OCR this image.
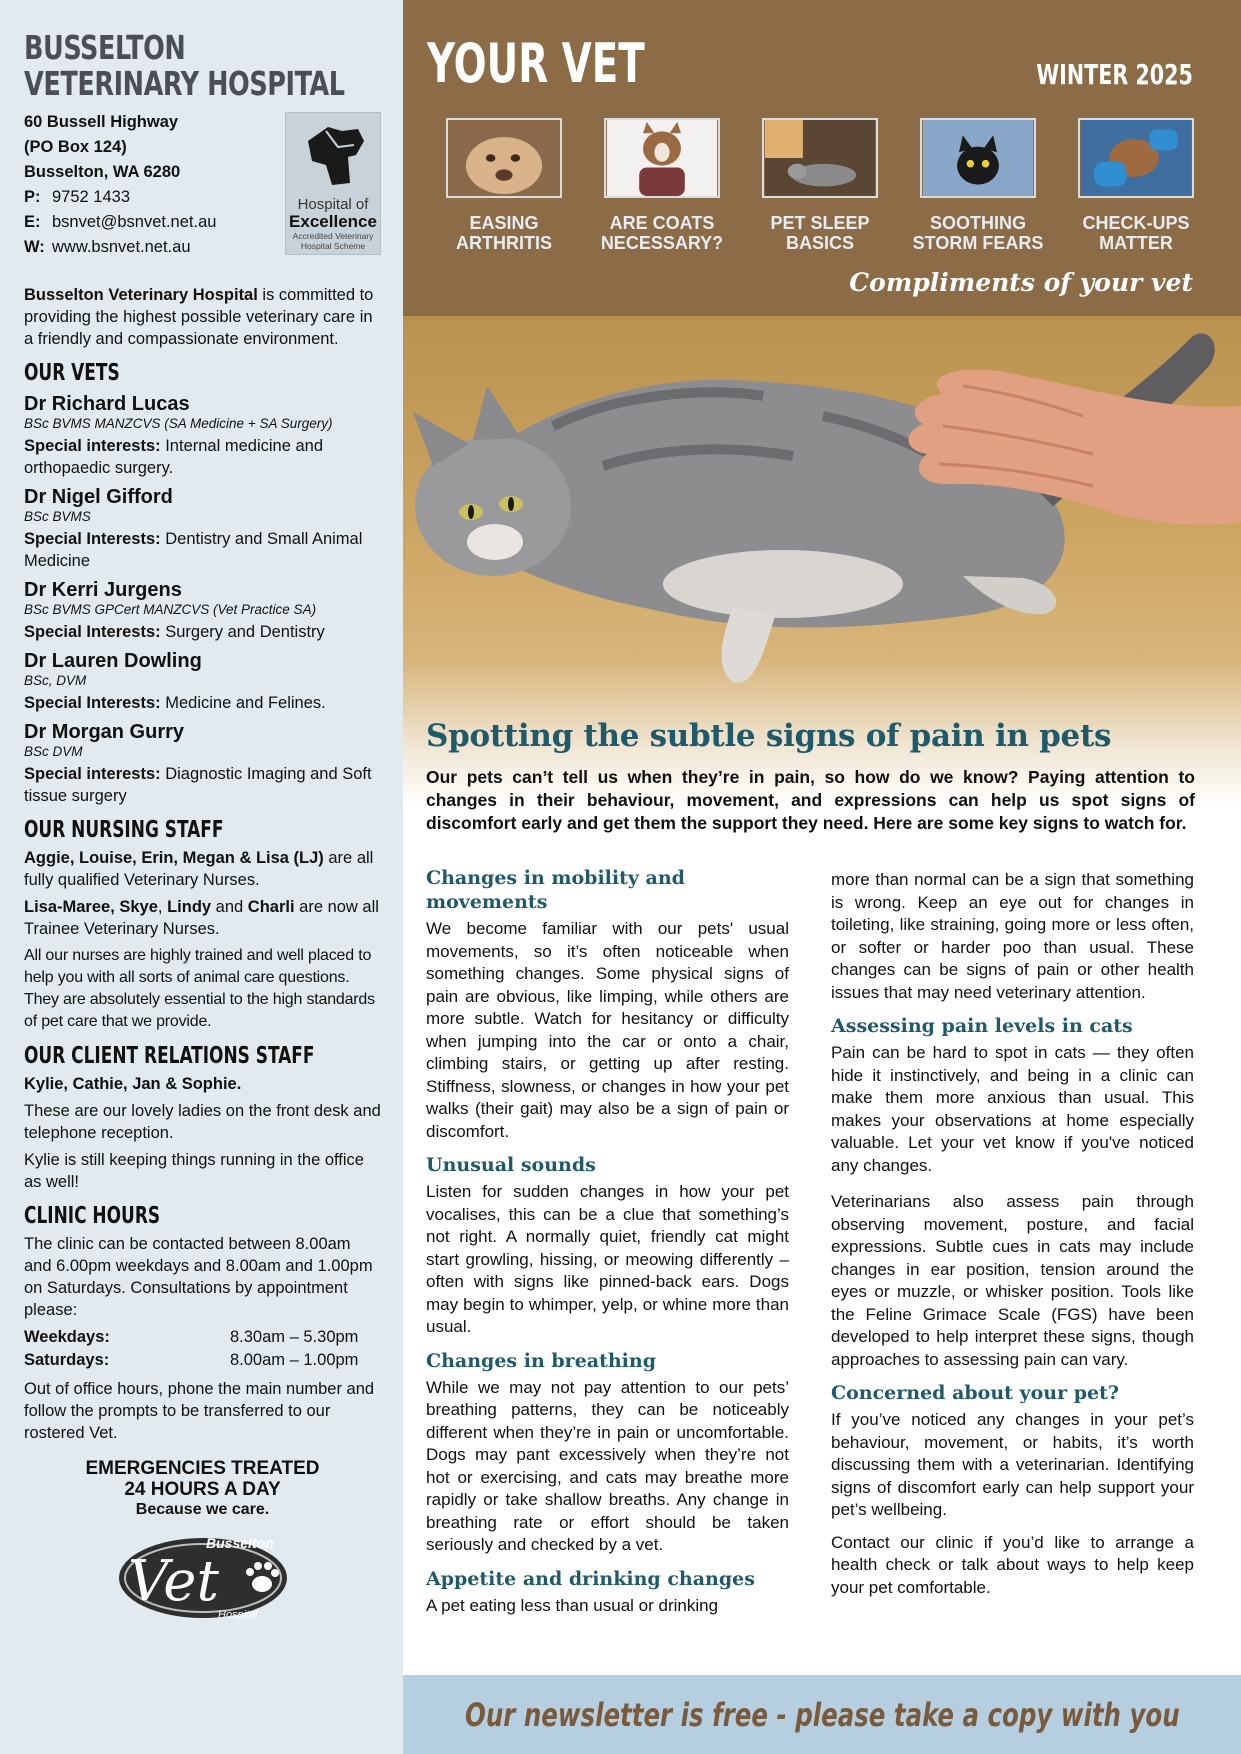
BUSSELTON
VETERINARY HOSPITAL
60 Bussell Highway
(PO Box 124)
Busselton, WA 6280
P: 9752 1433
E: bsnvet@bsnvet.net.au
W: www.bsnvet.net.au
Hospital of
Excellence
Accredited Veterinary Hospital Scheme
Busselton Veterinary Hospital is committed to providing the highest possible veterinary care in a friendly and compassionate environment.
OUR VETS
Dr Richard Lucas
BSc BVMS MANZCVS (SA Medicine + SA Surgery)
Special interests: Internal medicine and orthopaedic surgery.
Dr Nigel Gifford
BSc BVMS
Special Interests: Dentistry and Small Animal Medicine
Dr Kerri Jurgens
BSc BVMS GPCert MANZCVS (Vet Practice SA)
Special Interests: Surgery and Dentistry
Dr Lauren Dowling
BSc, DVM
Special Interests: Medicine and Felines.
Dr Morgan Gurry
BSc DVM
Special interests: Diagnostic Imaging and Soft tissue surgery
OUR NURSING STAFF
Aggie, Louise, Erin, Megan & Lisa (LJ) are all fully qualified Veterinary Nurses.
Lisa-Maree, Skye, Lindy and Charli are now all Trainee Veterinary Nurses.
All our nurses are highly trained and well placed to help you with all sorts of animal care questions. They are absolutely essential to the high standards of pet care that we provide.
OUR CLIENT RELATIONS STAFF
Kylie, Cathie, Jan & Sophie.
These are our lovely ladies on the front desk and telephone reception.
Kylie is still keeping things running in the office as well!
CLINIC HOURS
The clinic can be contacted between 8.00am and 6.00pm weekdays and 8.00am and 1.00pm on Saturdays. Consultations by appointment please:
Weekdays:	8.30am – 5.30pm
Saturdays:	8.00am – 1.00pm
Out of office hours, phone the main number and follow the prompts to be transferred to our rostered Vet.
EMERGENCIES TREATED
24 HOURS A DAY
Because we care.
Busselton
Vet
Hospital
YOUR VET	WINTER 2025
EASING
ARTHRITIS
ARE COATS
NECESSARY?
PET SLEEP
BASICS
SOOTHING
STORM FEARS
CHECK-UPS
MATTER
Compliments of your vet
Spotting the subtle signs of pain in pets

Our pets can’t tell us when they’re in pain, so how do we know? Paying attention to changes in their behaviour, movement, and expressions can help us spot signs of discomfort early and get them the support they need. Here are some key signs to watch for.

Changes in mobility and movements

We become familiar with our pets' usual movements, so it’s often noticeable when something changes. Some physical signs of pain are obvious, like limping, while others are more subtle. Watch for hesitancy or difficulty when jumping into the car or onto a chair, climbing stairs, or getting up after resting. Stiffness, slowness, or changes in how your pet walks (their gait) may also be a sign of pain or discomfort.

Unusual sounds

Listen for sudden changes in how your pet vocalises, this can be a clue that something’s not right. A normally quiet, friendly cat might start growling, hissing, or meowing differently – often with signs like pinned-back ears. Dogs may begin to whimper, yelp, or whine more than usual.

Changes in breathing

While we may not pay attention to our pets’ breathing patterns, they can be noticeably different when they’re in pain or uncomfortable. Dogs may pant excessively when they’re not hot or exercising, and cats may breathe more rapidly or take shallow breaths. Any change in breathing rate or effort should be taken seriously and checked by a vet.

Appetite and drinking changes

A pet eating less than usual or drinking

more than normal can be a sign that something is wrong. Keep an eye out for changes in toileting, like straining, going more or less often, or softer or harder poo than usual. These changes can be signs of pain or other health issues that may need veterinary attention.

Assessing pain levels in cats

Pain can be hard to spot in cats — they often hide it instinctively, and being in a clinic can make them more anxious than usual. This makes your observations at home especially valuable. Let your vet know if you've noticed any changes.

Veterinarians also assess pain through observing movement, posture, and facial expressions. Subtle cues in cats may include changes in ear position, tension around the eyes or muzzle, or whisker position. Tools like the Feline Grimace Scale (FGS) have been developed to help interpret these signs, though approaches to assessing pain can vary.

Concerned about your pet?

If you’ve noticed any changes in your pet’s behaviour, movement, or habits, it’s worth discussing them with a veterinarian. Identifying signs of discomfort early can help support your pet’s wellbeing.

Contact our clinic if you’d like to arrange a health check or talk about ways to help keep your pet comfortable.

Our newsletter is free - please take a copy with you
